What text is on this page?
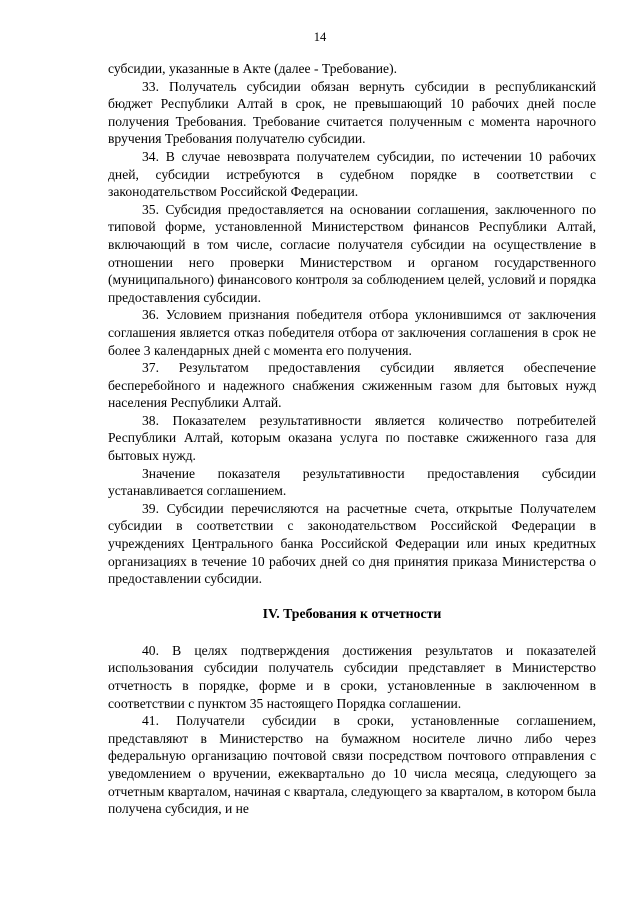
14

субсидии, указанные в Акте (далее - Требование).

33. Получатель субсидии обязан вернуть субсидии в республиканский бюджет Республики Алтай в срок, не превышающий 10 рабочих дней после получения Требования. Требование считается полученным с момента нарочного вручения Требования получателю субсидии.

34. В случае невозврата получателем субсидии, по истечении 10 рабочих дней, субсидии истребуются в судебном порядке в соответствии с законодательством Российской Федерации.

35. Субсидия предоставляется на основании соглашения, заключенного по типовой форме, установленной Министерством финансов Республики Алтай, включающий в том числе, согласие получателя субсидии на осуществление в отношении него проверки Министерством и органом государственного (муниципального) финансового контроля за соблюдением целей, условий и порядка предоставления субсидии.

36. Условием признания победителя отбора уклонившимся от заключения соглашения является отказ победителя отбора от заключения соглашения в срок не более 3 календарных дней с момента его получения.

37. Результатом предоставления субсидии является обеспечение бесперебойного и надежного снабжения сжиженным газом для бытовых нужд населения Республики Алтай.

38. Показателем результативности является количество потребителей Республики Алтай, которым оказана услуга по поставке сжиженного газа для бытовых нужд.

Значение показателя результативности предоставления субсидии устанавливается соглашением.

39. Субсидии перечисляются на расчетные счета, открытые Получателем субсидии в соответствии с законодательством Российской Федерации в учреждениях Центрального банка Российской Федерации или иных кредитных организациях в течение 10 рабочих дней со дня принятия приказа Министерства о предоставлении субсидии.

IV. Требования к отчетности

40. В целях подтверждения достижения результатов и показателей использования субсидии получатель субсидии представляет в Министерство отчетность в порядке, форме и в сроки, установленные в заключенном в соответствии с пунктом 35 настоящего Порядка соглашении.

41. Получатели субсидии в сроки, установленные соглашением, представляют в Министерство на бумажном носителе лично либо через федеральную организацию почтовой связи посредством почтового отправления с уведомлением о вручении, ежеквартально до 10 числа месяца, следующего за отчетным кварталом, начиная с квартала, следующего за кварталом, в котором была получена субсидия, и не
